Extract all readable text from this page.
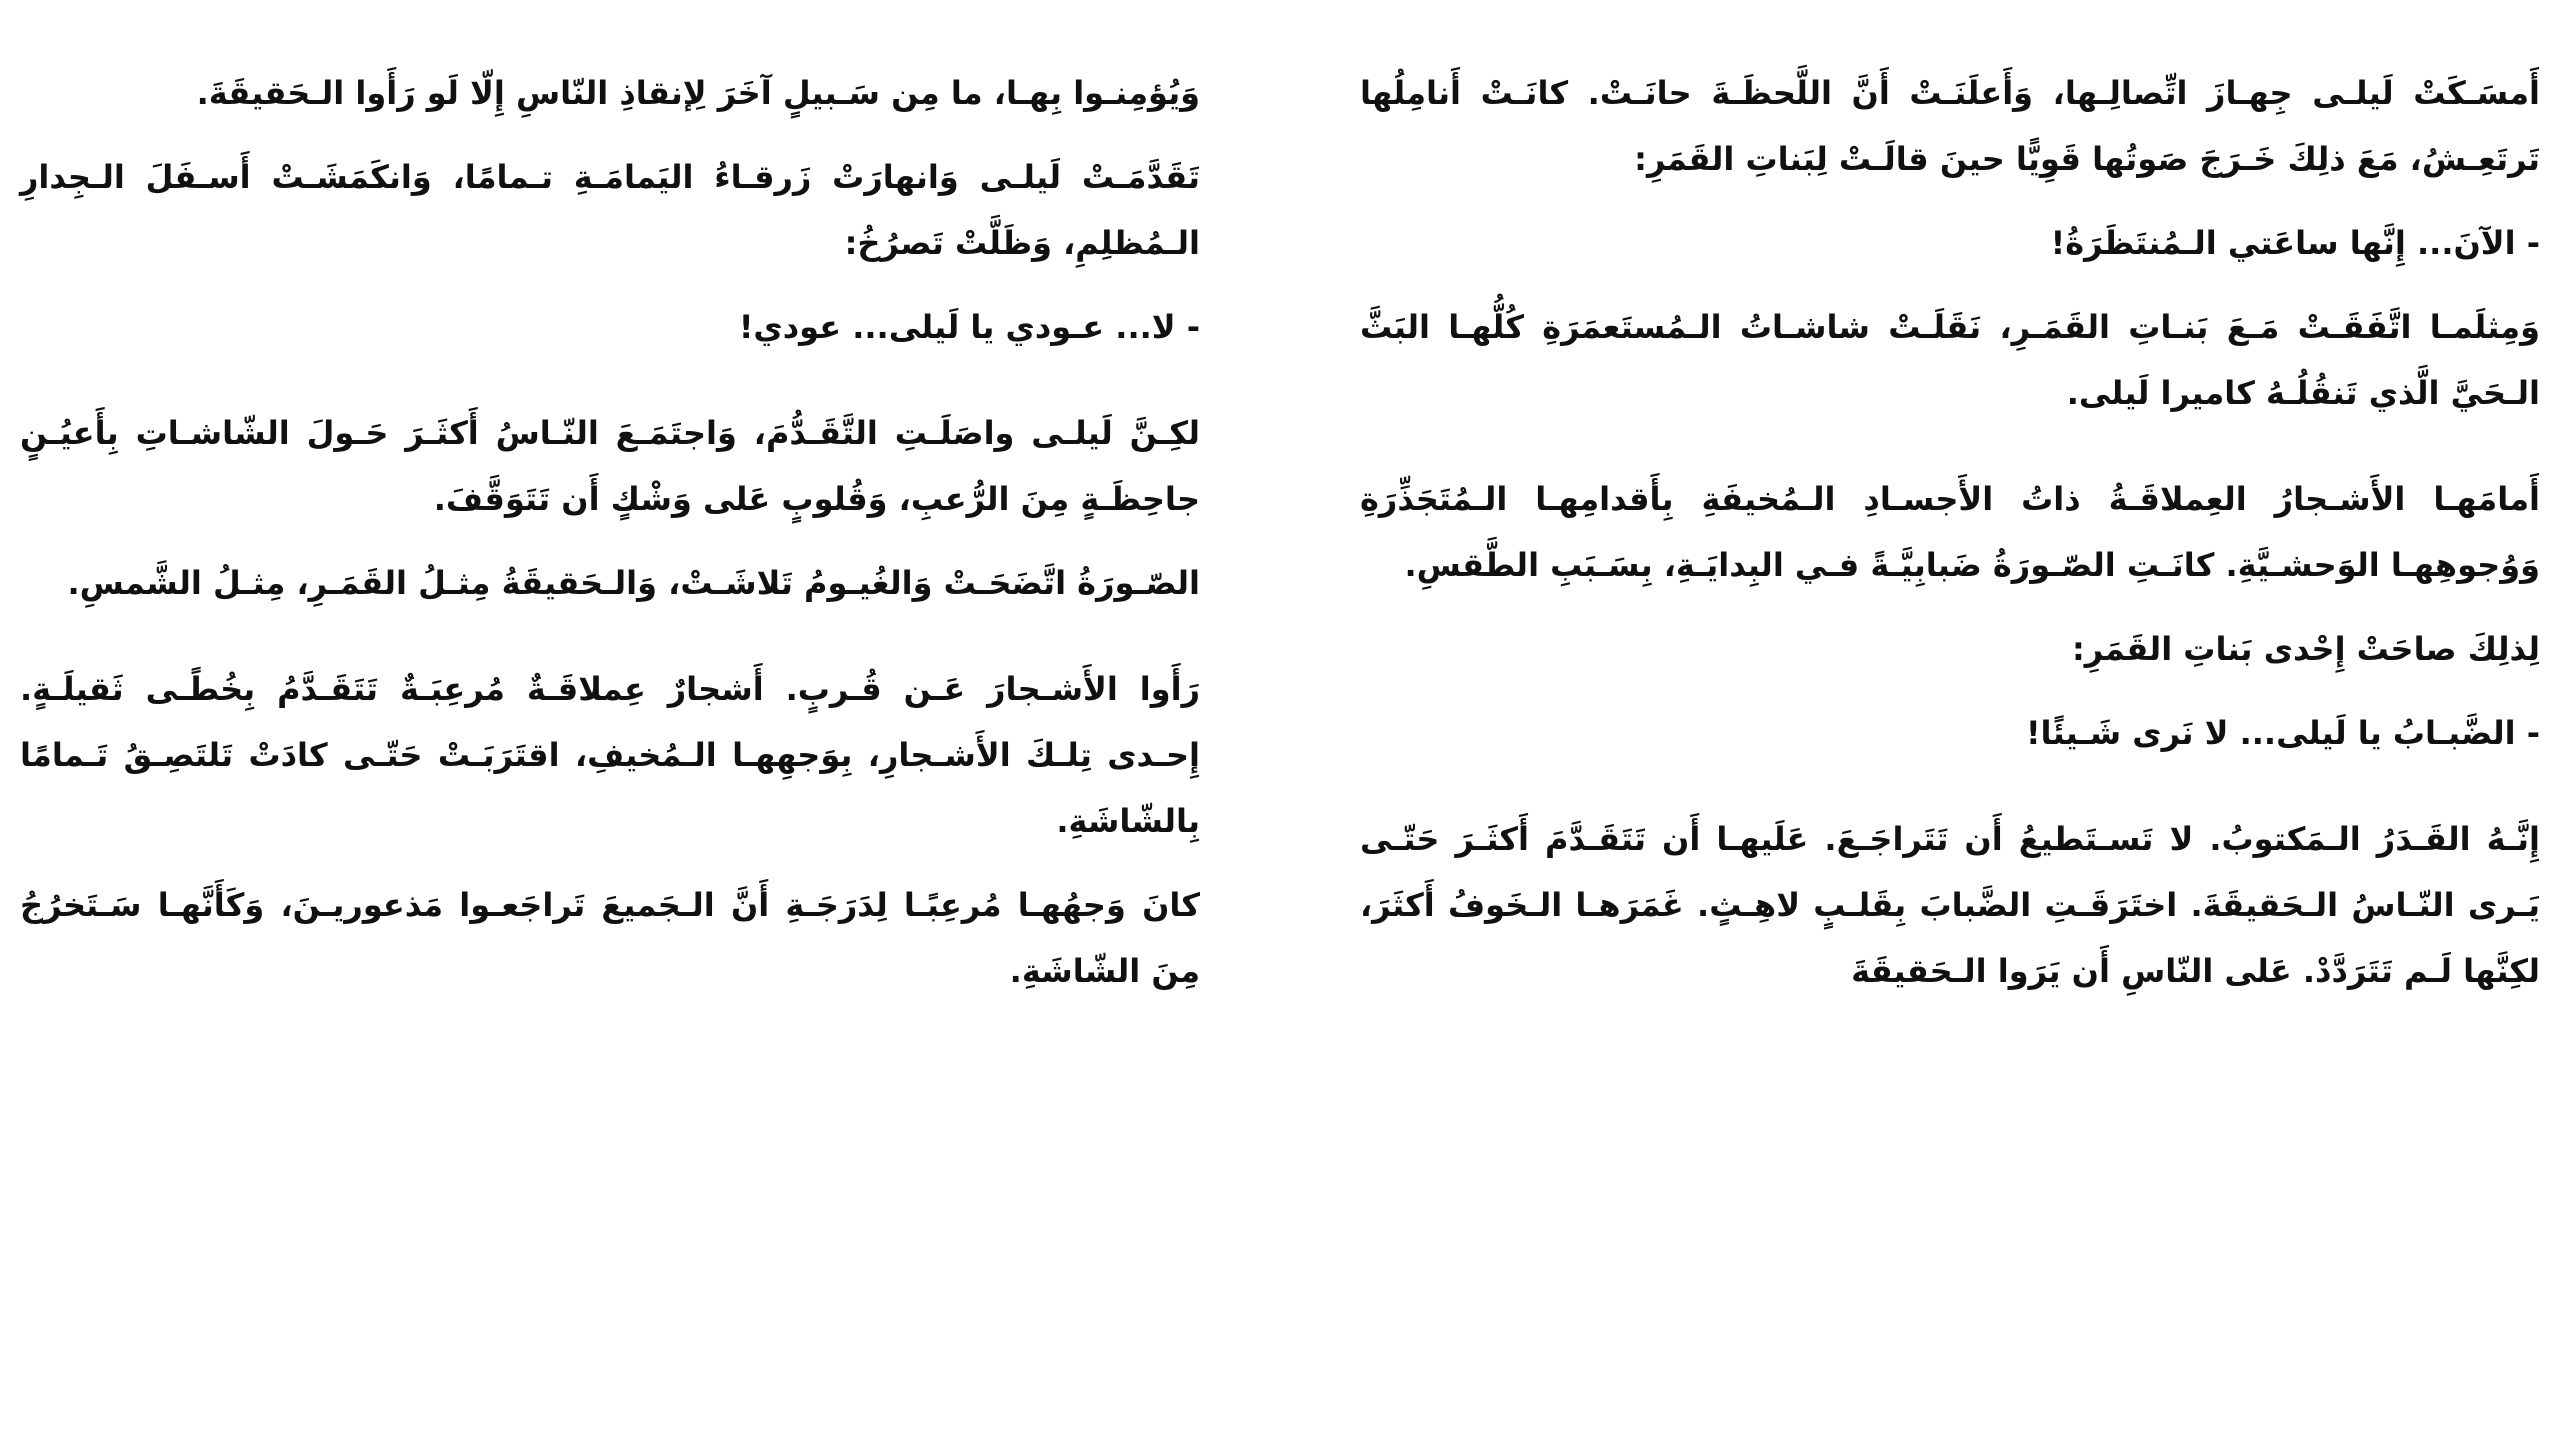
أَمسَـكَتْ لَيلـى جِهـازَ اتِّصالِـها، وَأَعلَنَـتْ أَنَّ اللَّحظَـةَ حانَـتْ. كانَـتْ أَنامِلُها تَرتَعِـشُ، مَعَ ذلِكَ خَـرَجَ صَوتُها قَوِيًّا حينَ قالَـتْ لِبَناتِ القَمَرِ:

- الآنَ... إِنَّها ساعَتي الـمُنتَظَرَةُ!

وَمِثلَمـا اتَّفَقَـتْ مَـعَ بَنـاتِ القَمَـرِ، نَقَلَـتْ شاشـاتُ الـمُستَعمَرَةِ كُلُّهـا البَثَّ الـحَيَّ الَّذي تَنقُلُـهُ كاميرا لَيلى.

أَمامَهـا الأَشـجارُ العِملاقَـةُ ذاتُ الأَجسـادِ الـمُخيفَةِ بِأَقدامِهـا الـمُتَجَذِّرَةِ وَوُجوهِهـا الوَحشـيَّةِ. كانَـتِ الصّـورَةُ ضَبابِيَّـةً فـي البِدايَـةِ، بِسَـبَبِ الطَّقسِ.

لِذلِكَ صاحَتْ إِحْدى بَناتِ القَمَرِ:

- الضَّبـابُ يا لَيلى... لا نَرى شَـيئًا!

إِنَّـهُ القَـدَرُ الـمَكتوبُ. لا تَسـتَطيعُ أَن تَتَراجَـعَ. عَلَيهـا أَن تَتَقَـدَّمَ أَكثَـرَ حَتّـى يَـرى النّـاسُ الـحَقيقَةَ. اختَرَقَـتِ الضَّبابَ بِقَلـبٍ لاهِـثٍ. غَمَرَهـا الـخَوفُ أَكثَرَ، لكِنَّها لَـم تَتَرَدَّدْ. عَلى النّاسِ أَن يَرَوا الـحَقيقَةَ

وَيُؤمِنـوا بِهـا، ما مِن سَـبيلٍ آخَرَ لِإنقاذِ النّاسِ إِلّا لَو رَأَوا الـحَقيقَةَ.

تَقَدَّمَـتْ لَيلـى وَانهارَتْ زَرقـاءُ اليَمامَـةِ تـمامًا، وَانكَمَشَـتْ أَسـفَلَ الـجِدارِ الـمُظلِمِ، وَظَلَّتْ تَصرُخُ:

- لا... عـودي يا لَيلى... عودي!

لكِـنَّ لَيلـى واصَلَـتِ التَّقَـدُّمَ، وَاجتَمَـعَ النّـاسُ أَكثَـرَ حَـولَ الشّاشـاتِ بِأَعيُـنٍ جاحِظَـةٍ مِنَ الرُّعبِ، وَقُلوبٍ عَلى وَشْكٍ أَن تَتَوَقَّفَ.

الصّـورَةُ اتَّضَحَـتْ وَالغُيـومُ تَلاشَـتْ، وَالـحَقيقَةُ مِثـلُ القَمَـرِ، مِثـلُ الشَّمسِ.

رَأَوا الأَشـجارَ عَـن قُـربٍ. أَشجارٌ عِملاقَـةٌ مُرعِبَـةٌ تَتَقَـدَّمُ بِخُطًـى ثَقيلَـةٍ. إِحـدى تِلـكَ الأَشـجارِ، بِوَجهِهـا الـمُخيفِ، اقتَرَبَـتْ حَتّـى كادَتْ تَلتَصِـقُ تَـمامًا بِالشّاشَةِ.

كانَ وَجهُهـا مُرعِبًـا لِدَرَجَـةِ أَنَّ الـجَميعَ تَراجَعـوا مَذعوريـنَ، وَكَأَنَّهـا سَـتَخرُجُ مِنَ الشّاشَةِ.
